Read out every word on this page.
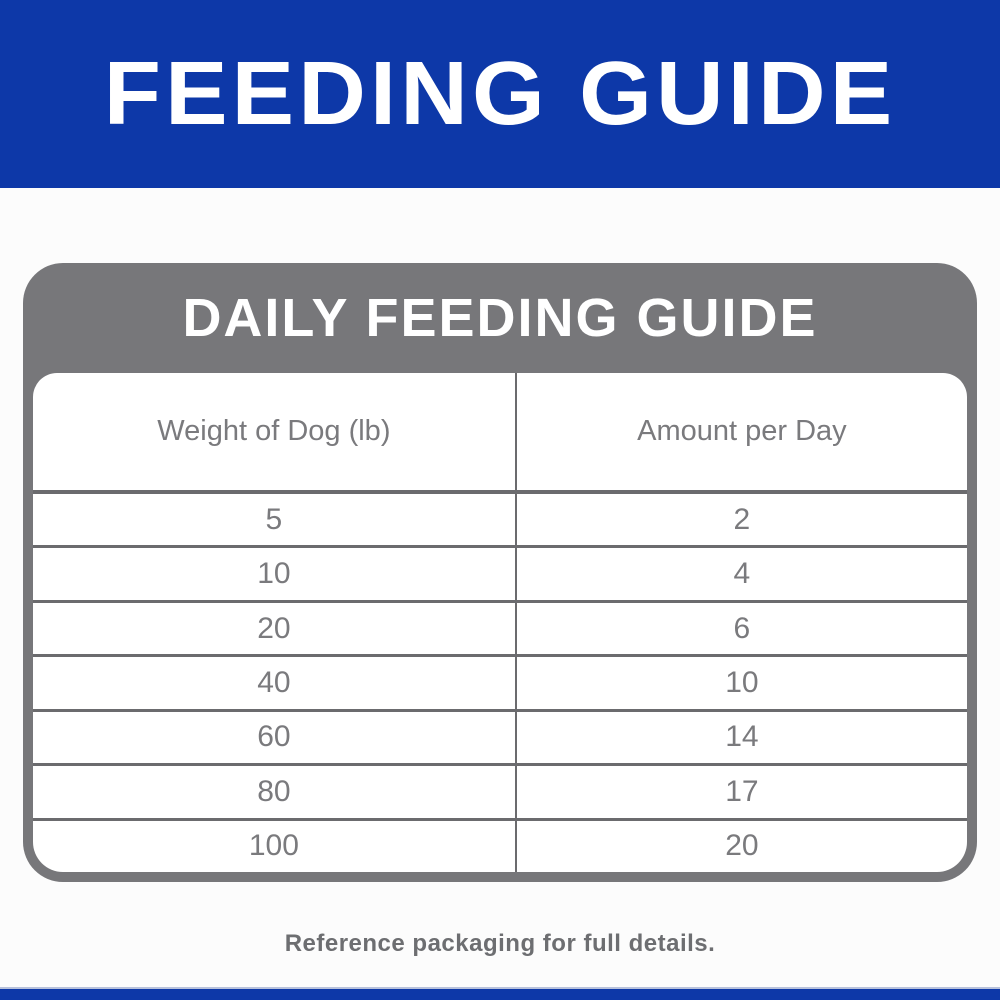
FEEDING GUIDE
DAILY FEEDING GUIDE
Weight of Dog (lb)	Amount per Day
5	2
10	4
20	6
40	10
60	14
80	17
100	20

Reference packaging for full details.
